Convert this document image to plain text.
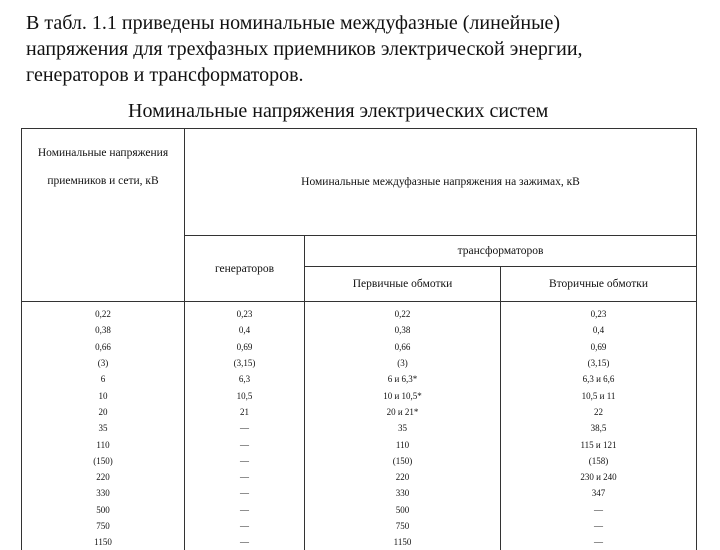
В табл. 1.1 приведены номинальные междуфазные (линейные)
напряжения для трехфазных приемников электрической энергии,
генераторов и трансформаторов.
Номинальные напряжения электрических систем
Номинальные напряжения
приемников и сети, кВ	Номинальные междуфазные напряжения на зажимах, кВ		
	генераторов	трансформаторов	
		Первичные обмотки	Вторичные обмотки
0,22	0,23	0,22	0,23
0,38	0,4	0,38	0,4
0,66	0,69	0,66	0,69
(3)	(3,15)	(3)	(3,15)
6	6,3	6 и 6,3*	6,3 и 6,6
10	10,5	10 и 10,5*	10,5 и 11
20	21	20 и 21*	22
35	—	35	38,5
110	—	110	115 и 121
(150)	—	(150)	(158)
220	—	220	230 и 240
330	—	330	347
500	—	500	—
750	—	750	—
1150	—	1150	—
